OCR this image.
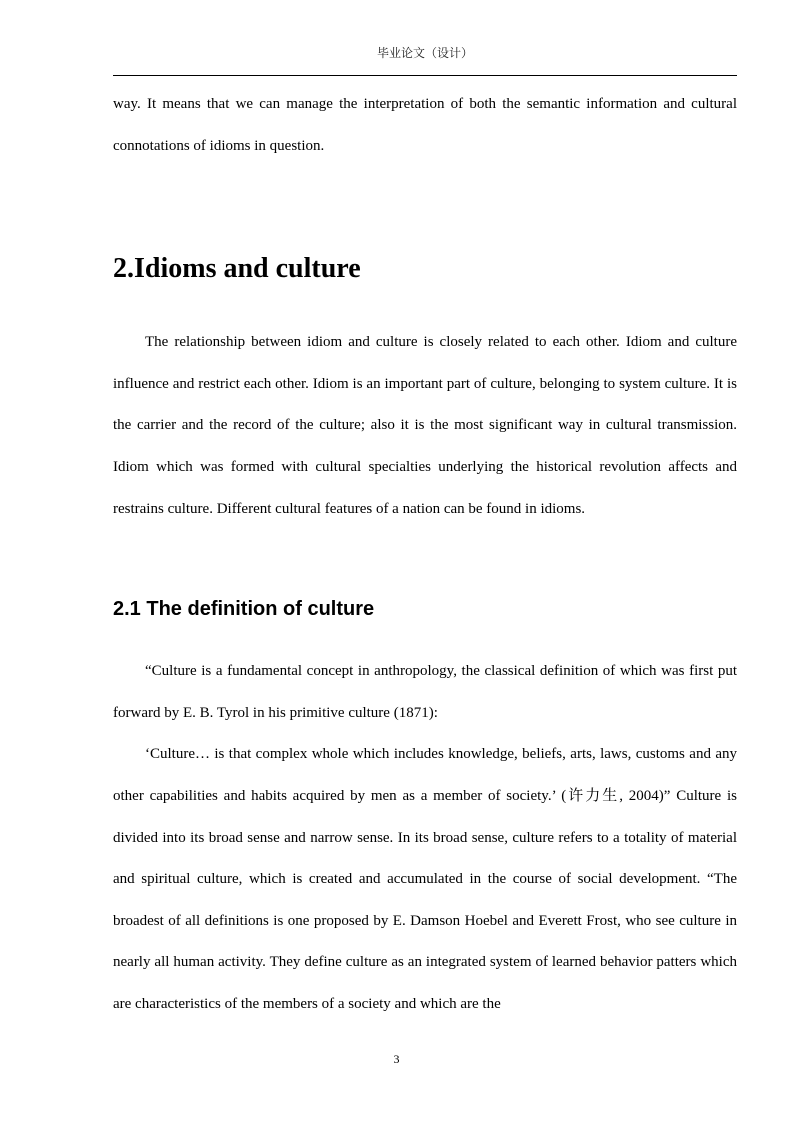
毕业论文（设计）

way. It means that we can manage the interpretation of both the semantic information and cultural connotations of idioms in question.

2.Idioms and culture

The relationship between idiom and culture is closely related to each other. Idiom and culture influence and restrict each other. Idiom is an important part of culture, belonging to system culture. It is the carrier and the record of the culture; also it is the most significant way in cultural transmission. Idiom which was formed with cultural specialties underlying the historical revolution affects and restrains culture. Different cultural features of a nation can be found in idioms.

2.1 The definition of culture

“Culture is a fundamental concept in anthropology, the classical definition of which was first put forward by E. B. Tyrol in his primitive culture (1871):

‘Culture… is that complex whole which includes knowledge, beliefs, arts, laws, customs and any other capabilities and habits acquired by men as a member of society.’ (许力生, 2004)” Culture is divided into its broad sense and narrow sense. In its broad sense, culture refers to a totality of material and spiritual culture, which is created and accumulated in the course of social development. “The broadest of all definitions is one proposed by E. Damson Hoebel and Everett Frost, who see culture in nearly all human activity. They define culture as an integrated system of learned behavior patters which are characteristics of the members of a society and which are the

3
